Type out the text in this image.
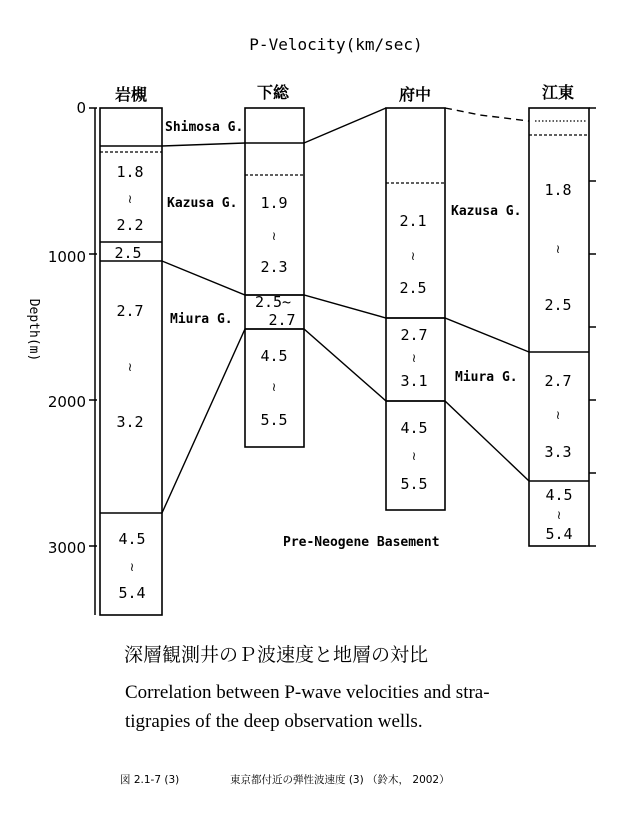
P-Velocity(km/sec)
岩槻	下総	府中	江東
0
1000
2000
3000
Depth(m)
1.8
≀
2.2
2.5
2.7
≀
3.2
4.5
≀
5.4
1.9
≀
2.3
2.5~
2.7
4.5
≀
5.5
2.1
≀
2.5
2.7
≀
3.1
4.5
≀
5.5
1.8
≀
2.5
2.7
≀
3.3
4.5
≀
5.4
Shimosa G.
Kazusa G.
Kazusa G.
Miura G.
Miura G.
Pre-Neogene Basement
深層観測井のＰ波速度と地層の対比
Correlation between P-wave velocities and stra-
tigrapies of the deep observation wells.
図 2.1-7 (3)	東京都付近の弾性波速度 (3) （鈴木， 2002）
